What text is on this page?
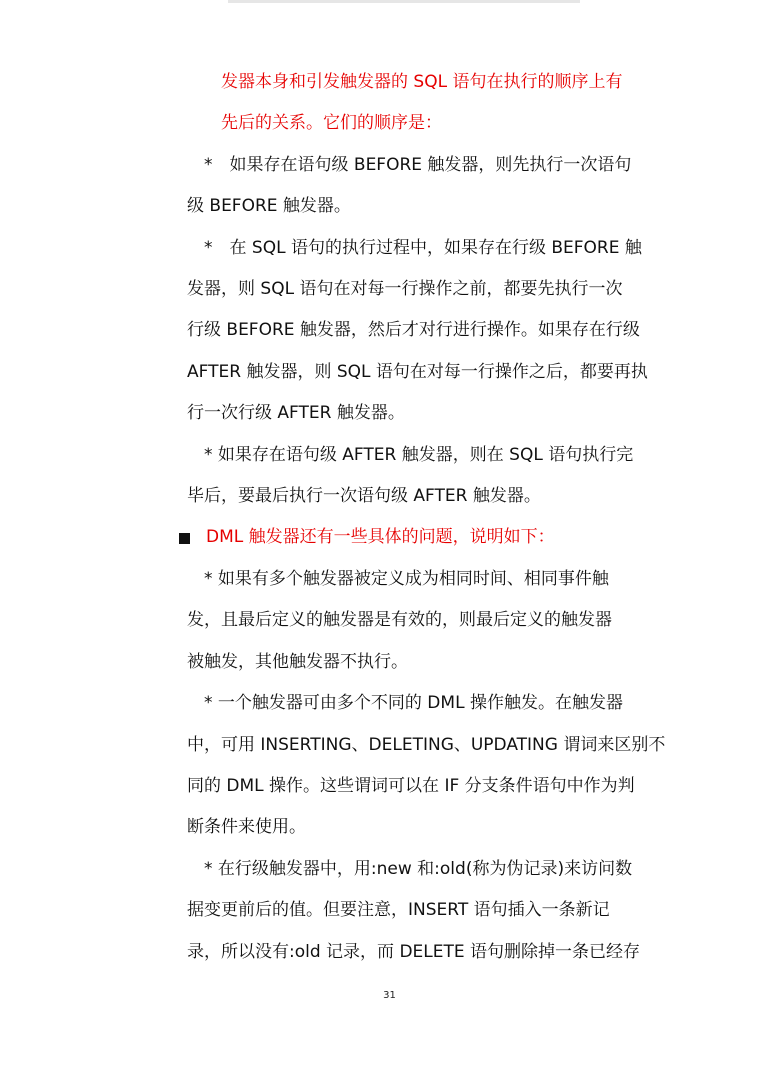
　　发器本身和引发触发器的 SQL 语句在执行的顺序上有
　　先后的关系。它们的顺序是：
　*　如果存在语句级 BEFORE 触发器，则先执行一次语句
级 BEFORE 触发器。
　*　在 SQL 语句的执行过程中，如果存在行级 BEFORE 触
发器，则 SQL 语句在对每一行操作之前，都要先执行一次
行级 BEFORE 触发器，然后才对行进行操作。如果存在行级
AFTER 触发器，则 SQL 语句在对每一行操作之后，都要再执
行一次行级 AFTER 触发器。
　* 如果存在语句级 AFTER 触发器，则在 SQL 语句执行完
毕后，要最后执行一次语句级 AFTER 触发器。
DML 触发器还有一些具体的问题，说明如下：
　* 如果有多个触发器被定义成为相同时间、相同事件触
发，且最后定义的触发器是有效的，则最后定义的触发器
被触发，其他触发器不执行。
　* 一个触发器可由多个不同的 DML 操作触发。在触发器
中，可用 INSERTING、DELETING、UPDATING 谓词来区别不
同的 DML 操作。这些谓词可以在 IF 分支条件语句中作为判
断条件来使用。
　* 在行级触发器中，用:new 和:old(称为伪记录)来访问数
据变更前后的值。但要注意，INSERT 语句插入一条新记
录，所以没有:old 记录，而 DELETE 语句删除掉一条已经存
31
